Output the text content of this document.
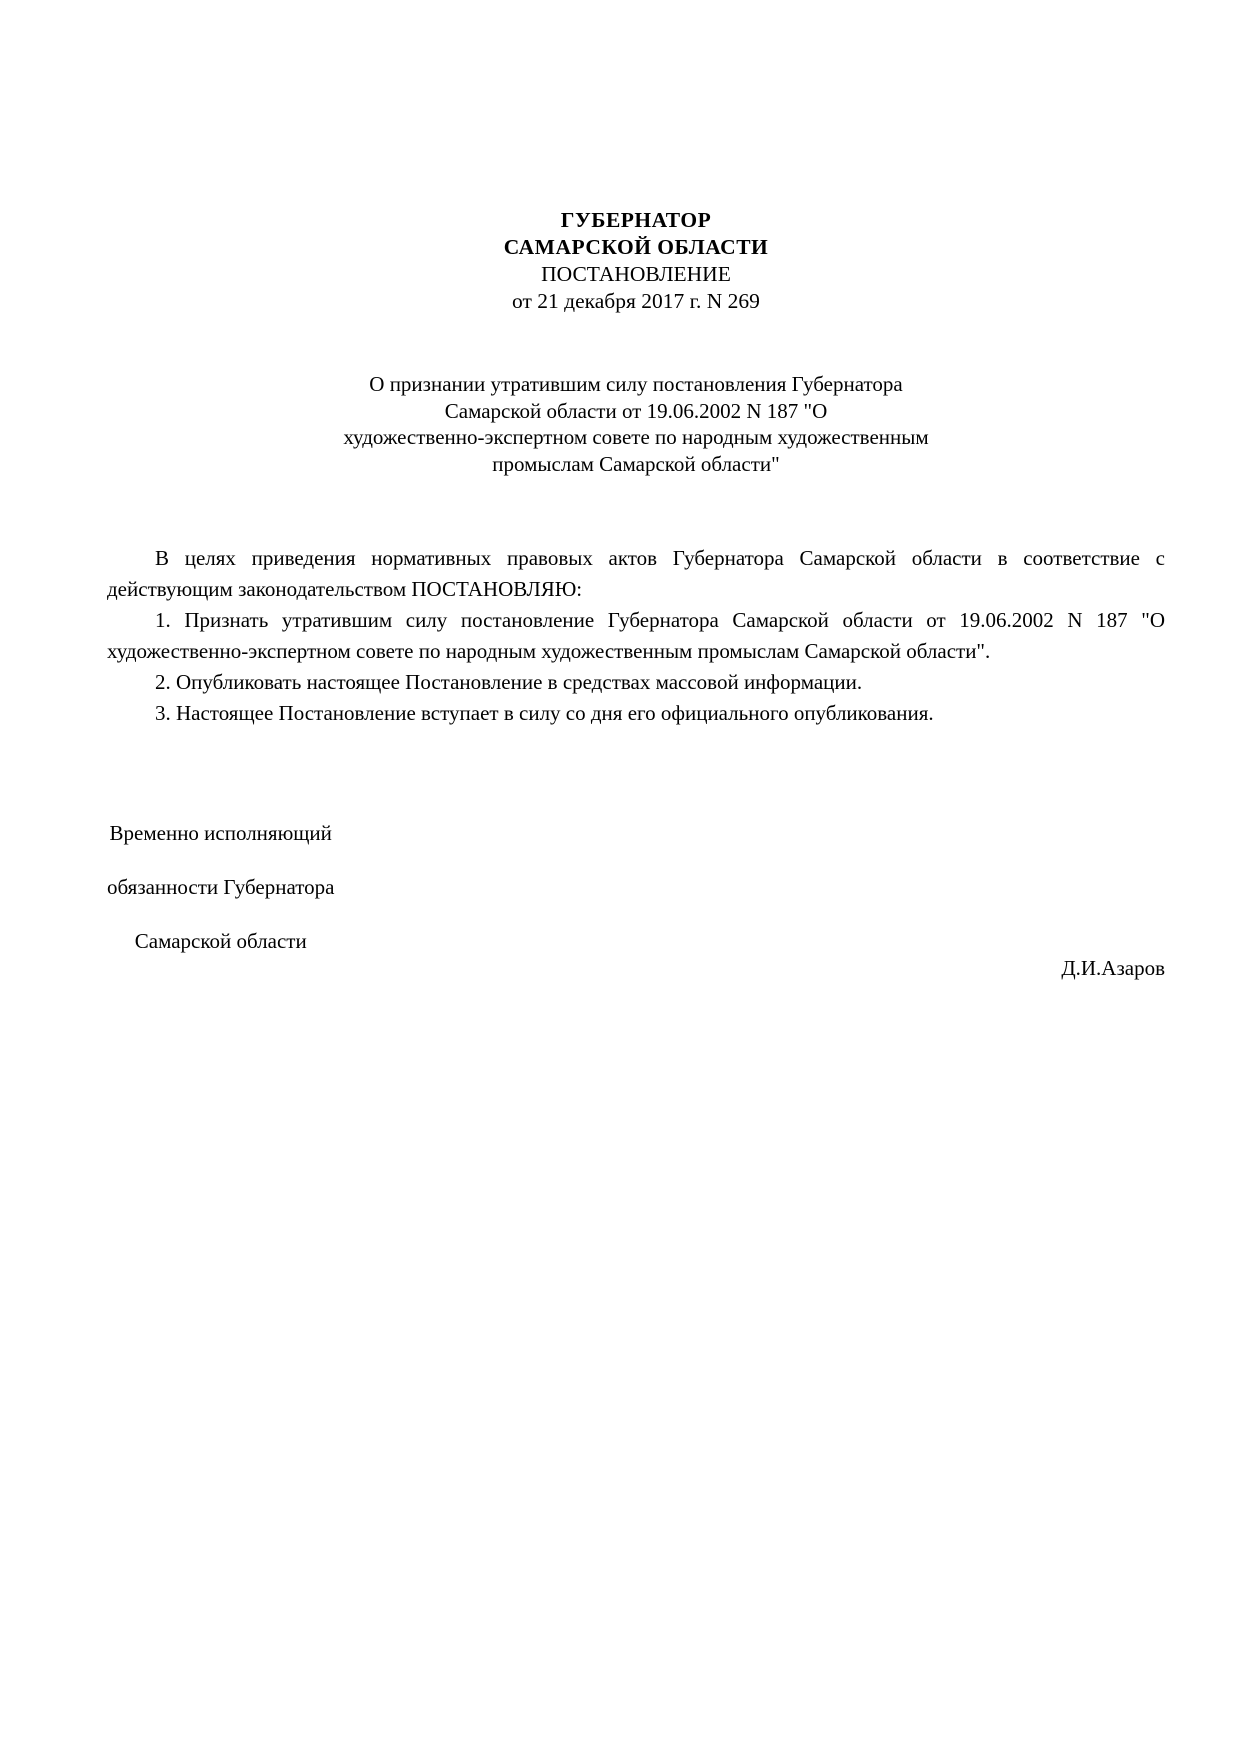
ГУБЕРНАТОР
САМАРСКОЙ ОБЛАСТИ
ПОСТАНОВЛЕНИЕ
от 21 декабря 2017 г. N 269
О признании утратившим силу постановления Губернатора
Самарской области от 19.06.2002 N 187 "О
художественно-экспертном совете по народным художественным
промыслам Самарской области"

В целях приведения нормативных правовых актов Губернатора Самарской области в соответствие с действующим законодательством ПОСТАНОВЛЯЮ:

1. Признать утратившим силу постановление Губернатора Самарской области от 19.06.2002 N 187 "О художественно-экспертном совете по народным художественным промыслам Самарской области".

2. Опубликовать настоящее Постановление в средствах массовой информации.

3. Настоящее Постановление вступает в силу со дня его официального опубликования.

Временно исполняющий

обязанности Губернатора

Самарской области

Д.И.Азаров
